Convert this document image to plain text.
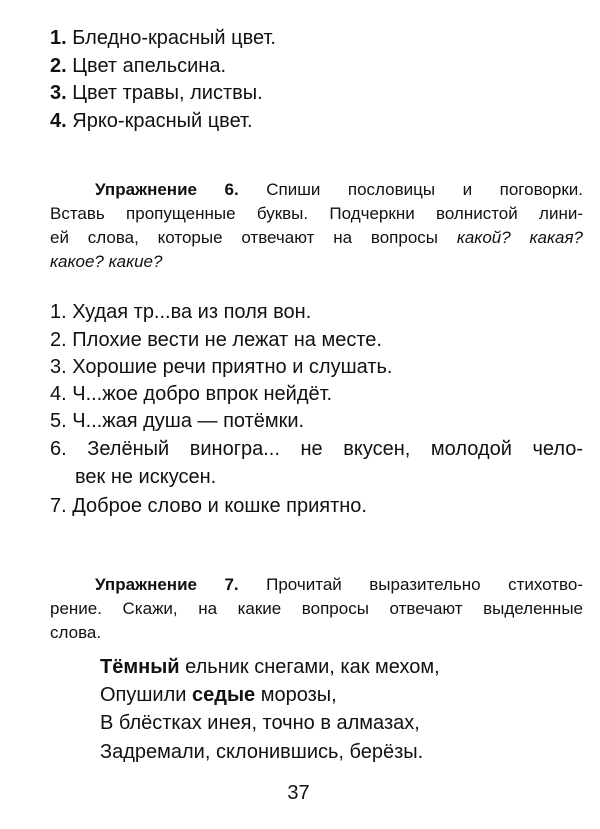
1. Бледно-красный цвет.
2. Цвет апельсина.
3. Цвет травы, листвы.
4. Ярко-красный цвет.
Упражнение 6. Спиши пословицы и поговорки.
Вставь пропущенные буквы. Подчеркни волнистой лини-
ей слова, которые отвечают на вопросы какой? какая?
какое? какие?
1. Худая тр...ва из поля вон.
2. Плохие вести не лежат на месте.
3. Хорошие речи приятно и слушать.
4. Ч...жое добро впрок нейдёт.
5. Ч...жая душа — потёмки.
6. Зелёный виногра... не вкусен, молодой чело-
век не искусен.
7. Доброе слово и кошке приятно.
Упражнение 7. Прочитай выразительно стихотво-
рение. Скажи, на какие вопросы отвечают выделенные
слова.
Тёмный ельник снегами, как мехом,
Опушили седые морозы,
В блёстках инея, точно в алмазах,
Задремали, склонившись, берёзы.
37
